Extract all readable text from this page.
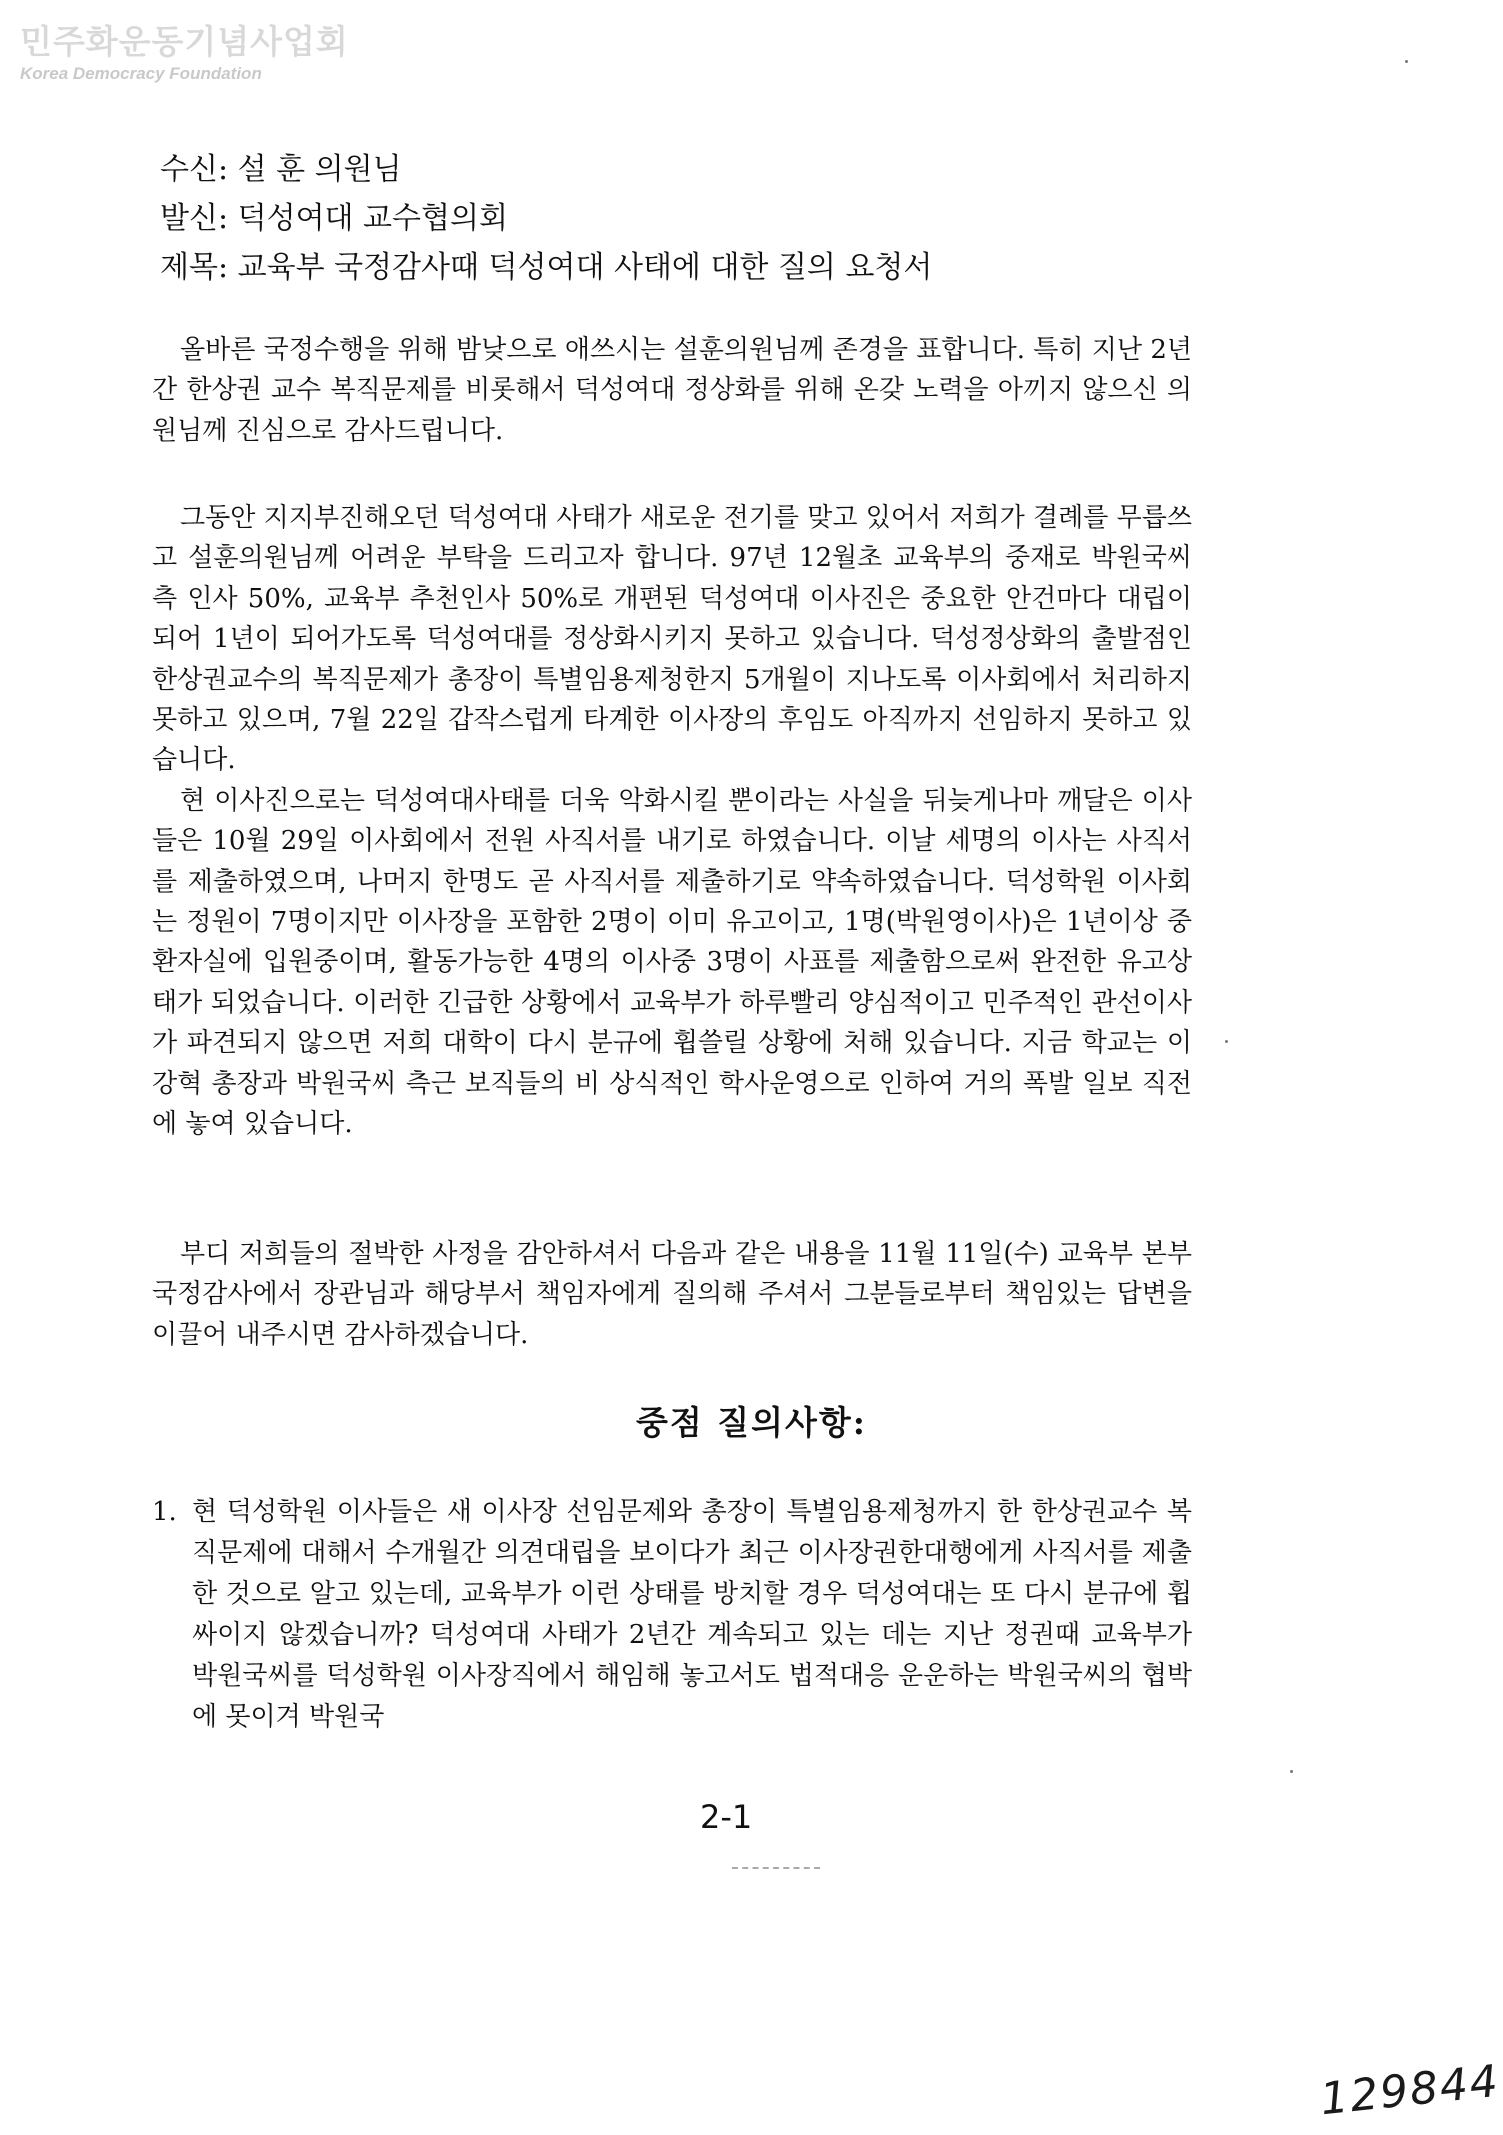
민주화운동기념사업회
Korea Democracy Foundation
수신: 설 훈 의원님
발신: 덕성여대 교수협의회
제목: 교육부 국정감사때 덕성여대 사태에 대한 질의 요청서

올바른 국정수행을 위해 밤낮으로 애쓰시는 설훈의원님께 존경을 표합니다. 특히 지난 2년간 한상권 교수 복직문제를 비롯해서 덕성여대 정상화를 위해 온갖 노력을 아끼지 않으신 의원님께 진심으로 감사드립니다.

그동안 지지부진해오던 덕성여대 사태가 새로운 전기를 맞고 있어서 저희가 결례를 무릅쓰고 설훈의원님께 어려운 부탁을 드리고자 합니다. 97년 12월초 교육부의 중재로 박원국씨 측 인사 50%, 교육부 추천인사 50%로 개편된 덕성여대 이사진은 중요한 안건마다 대립이 되어 1년이 되어가도록 덕성여대를 정상화시키지 못하고 있습니다. 덕성정상화의 출발점인 한상권교수의 복직문제가 총장이 특별임용제청한지 5개월이 지나도록 이사회에서 처리하지 못하고 있으며, 7월 22일 갑작스럽게 타계한 이사장의 후임도 아직까지 선임하지 못하고 있습니다.

현 이사진으로는 덕성여대사태를 더욱 악화시킬 뿐이라는 사실을 뒤늦게나마 깨달은 이사들은 10월 29일 이사회에서 전원 사직서를 내기로 하였습니다. 이날 세명의 이사는 사직서를 제출하였으며, 나머지 한명도 곧 사직서를 제출하기로 약속하였습니다. 덕성학원 이사회는 정원이 7명이지만 이사장을 포함한 2명이 이미 유고이고, 1명(박원영이사)은 1년이상 중환자실에 입원중이며, 활동가능한 4명의 이사중 3명이 사표를 제출함으로써 완전한 유고상태가 되었습니다. 이러한 긴급한 상황에서 교육부가 하루빨리 양심적이고 민주적인 관선이사가 파견되지 않으면 저희 대학이 다시 분규에 휩쓸릴 상황에 처해 있습니다. 지금 학교는 이강혁 총장과 박원국씨 측근 보직들의 비 상식적인 학사운영으로 인하여 거의 폭발 일보 직전에 놓여 있습니다.

부디 저희들의 절박한 사정을 감안하셔서 다음과 같은 내용을 11월 11일(수) 교육부 본부 국정감사에서 장관님과 해당부서 책임자에게 질의해 주셔서 그분들로부터 책임있는 답변을 이끌어 내주시면 감사하겠습니다.

중점 질의사항:
1. 현 덕성학원 이사들은 새 이사장 선임문제와 총장이 특별임용제청까지 한 한상권교수 복직문제에 대해서 수개월간 의견대립을 보이다가 최근 이사장권한대행에게 사직서를 제출한 것으로 알고 있는데, 교육부가 이런 상태를 방치할 경우 덕성여대는 또 다시 분규에 휩싸이지 않겠습니까? 덕성여대 사태가 2년간 계속되고 있는 데는 지난 정권때 교육부가 박원국씨를 덕성학원 이사장직에서 해임해 놓고서도 법적대응 운운하는 박원국씨의 협박에 못이겨 박원국
2-1
129844
